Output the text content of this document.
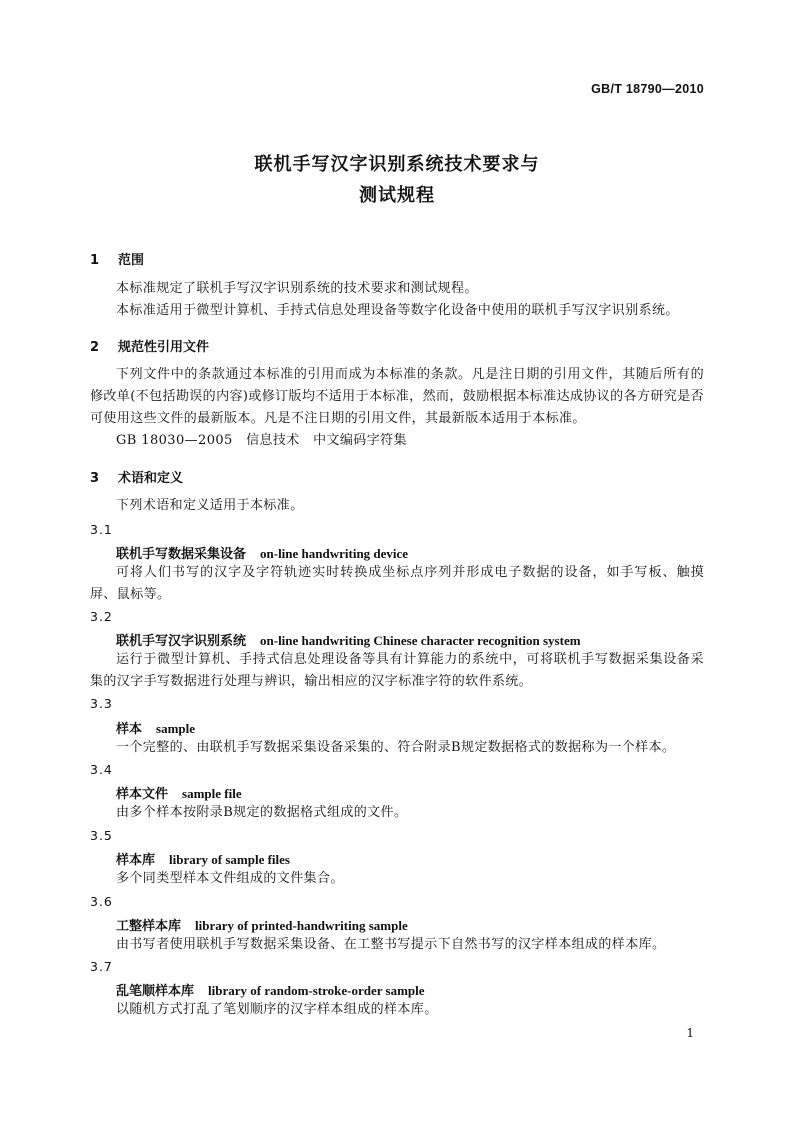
GB/T 18790—2010
联机手写汉字识别系统技术要求与
测试规程
1 范围
本标准规定了联机手写汉字识别系统的技术要求和测试规程。
本标准适用于微型计算机、手持式信息处理设备等数字化设备中使用的联机手写汉字识别系统。
2 规范性引用文件
下列文件中的条款通过本标准的引用而成为本标准的条款。凡是注日期的引用文件，其随后所有的修改单(不包括勘误的内容)或修订版均不适用于本标准，然而，鼓励根据本标准达成协议的各方研究是否可使用这些文件的最新版本。凡是不注日期的引用文件，其最新版本适用于本标准。
GB 18030—2005　信息技术　中文编码字符集
3 术语和定义
下列术语和定义适用于本标准。
3.1
联机手写数据采集设备 on-line handwriting device
可将人们书写的汉字及字符轨迹实时转换成坐标点序列并形成电子数据的设备，如手写板、触摸屏、鼠标等。
3.2
联机手写汉字识别系统 on-line handwriting Chinese character recognition system
运行于微型计算机、手持式信息处理设备等具有计算能力的系统中，可将联机手写数据采集设备采集的汉字手写数据进行处理与辨识，输出相应的汉字标准字符的软件系统。
3.3
样本 sample
一个完整的、由联机手写数据采集设备采集的、符合附录B规定数据格式的数据称为一个样本。
3.4
样本文件 sample file
由多个样本按附录B规定的数据格式组成的文件。
3.5
样本库 library of sample files
多个同类型样本文件组成的文件集合。
3.6
工整样本库 library of printed-handwriting sample
由书写者使用联机手写数据采集设备、在工整书写提示下自然书写的汉字样本组成的样本库。
3.7
乱笔顺样本库 library of random-stroke-order sample
以随机方式打乱了笔划顺序的汉字样本组成的样本库。
1
